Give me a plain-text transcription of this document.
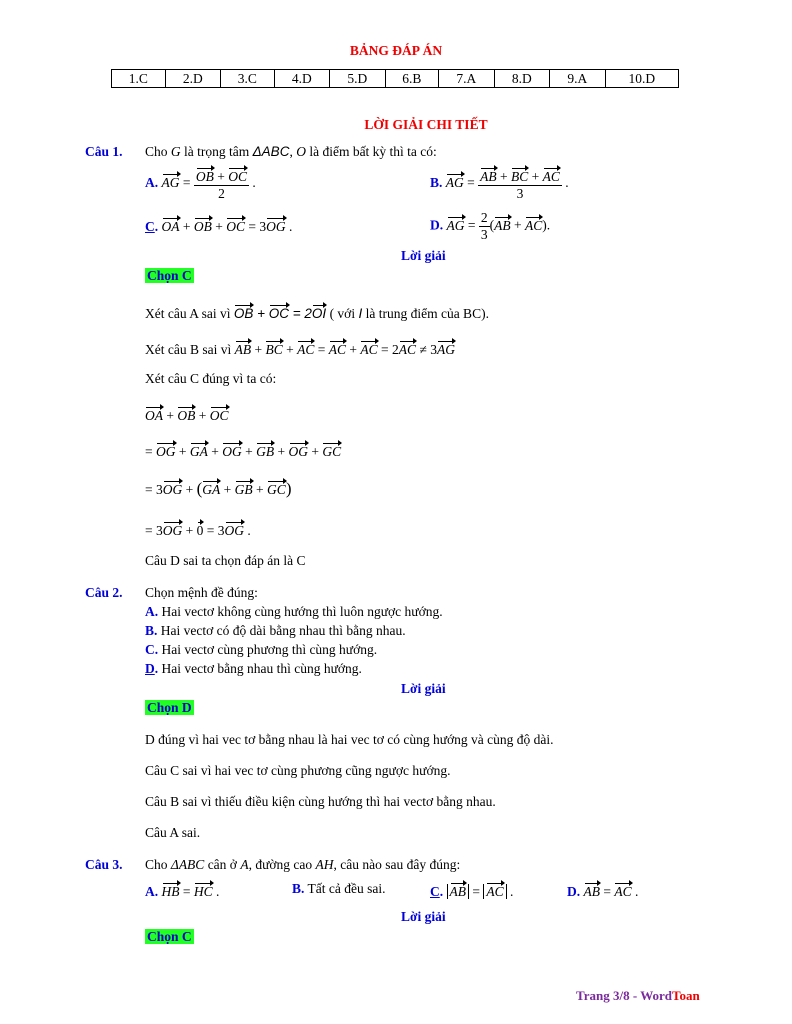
BẢNG ĐÁP ÁN
1.C	2.D	3.C	4.D	5.D	6.B	7.A	8.D	9.A	10.D
LỜI GIẢI CHI TIẾT
Câu 1. Cho G là trọng tâm ΔABC, O là điểm bất kỳ thì ta có:
A. AG = $\frac{OB + OC}{2}$ .	B. AG = $\frac{AB + BC + AC}{3}$ .
C. OA + OB + OC = 3OG .	D. AG = $\frac{2}{3} (AB + AC)$.
Lời giải
Chọn C
Xét câu A sai vì OB + OC = 2OI ( với I là trung điểm của BC).
Xét câu B sai vì AB + BC + AC = AC + AC = 2AC ≠ 3AG
Xét câu C đúng vì ta có:
OA + OB + OC
= OG + GA + OG + GB + OG + GC
= 3OG + (GA + GB + GC)
= 3OG + 0 = 3OG .
Câu D sai ta chọn đáp án là C
Câu 2. Chọn mệnh đề đúng:
A. Hai vectơ không cùng hướng thì luôn ngược hướng.
B. Hai vectơ có độ dài bằng nhau thì bằng nhau.
C. Hai vectơ cùng phương thì cùng hướng.
D. Hai vectơ bằng nhau thì cùng hướng.
Lời giải
Chọn D
D đúng vì hai vec tơ bằng nhau là hai vec tơ có cùng hướng và cùng độ dài.
Câu C sai vì hai vec tơ cùng phương cũng ngược hướng.
Câu B sai vì thiếu điều kiện cùng hướng thì hai vectơ bằng nhau.
Câu A sai.
Câu 3. Cho ΔABC cân ở A, đường cao AH, câu nào sau đây đúng:
A. HB = HC .	B. Tất cả đều sai.	C. AB = AC .	D. AB = AC .
Lời giải
Chọn C
Trang 3/8 - WordToan
